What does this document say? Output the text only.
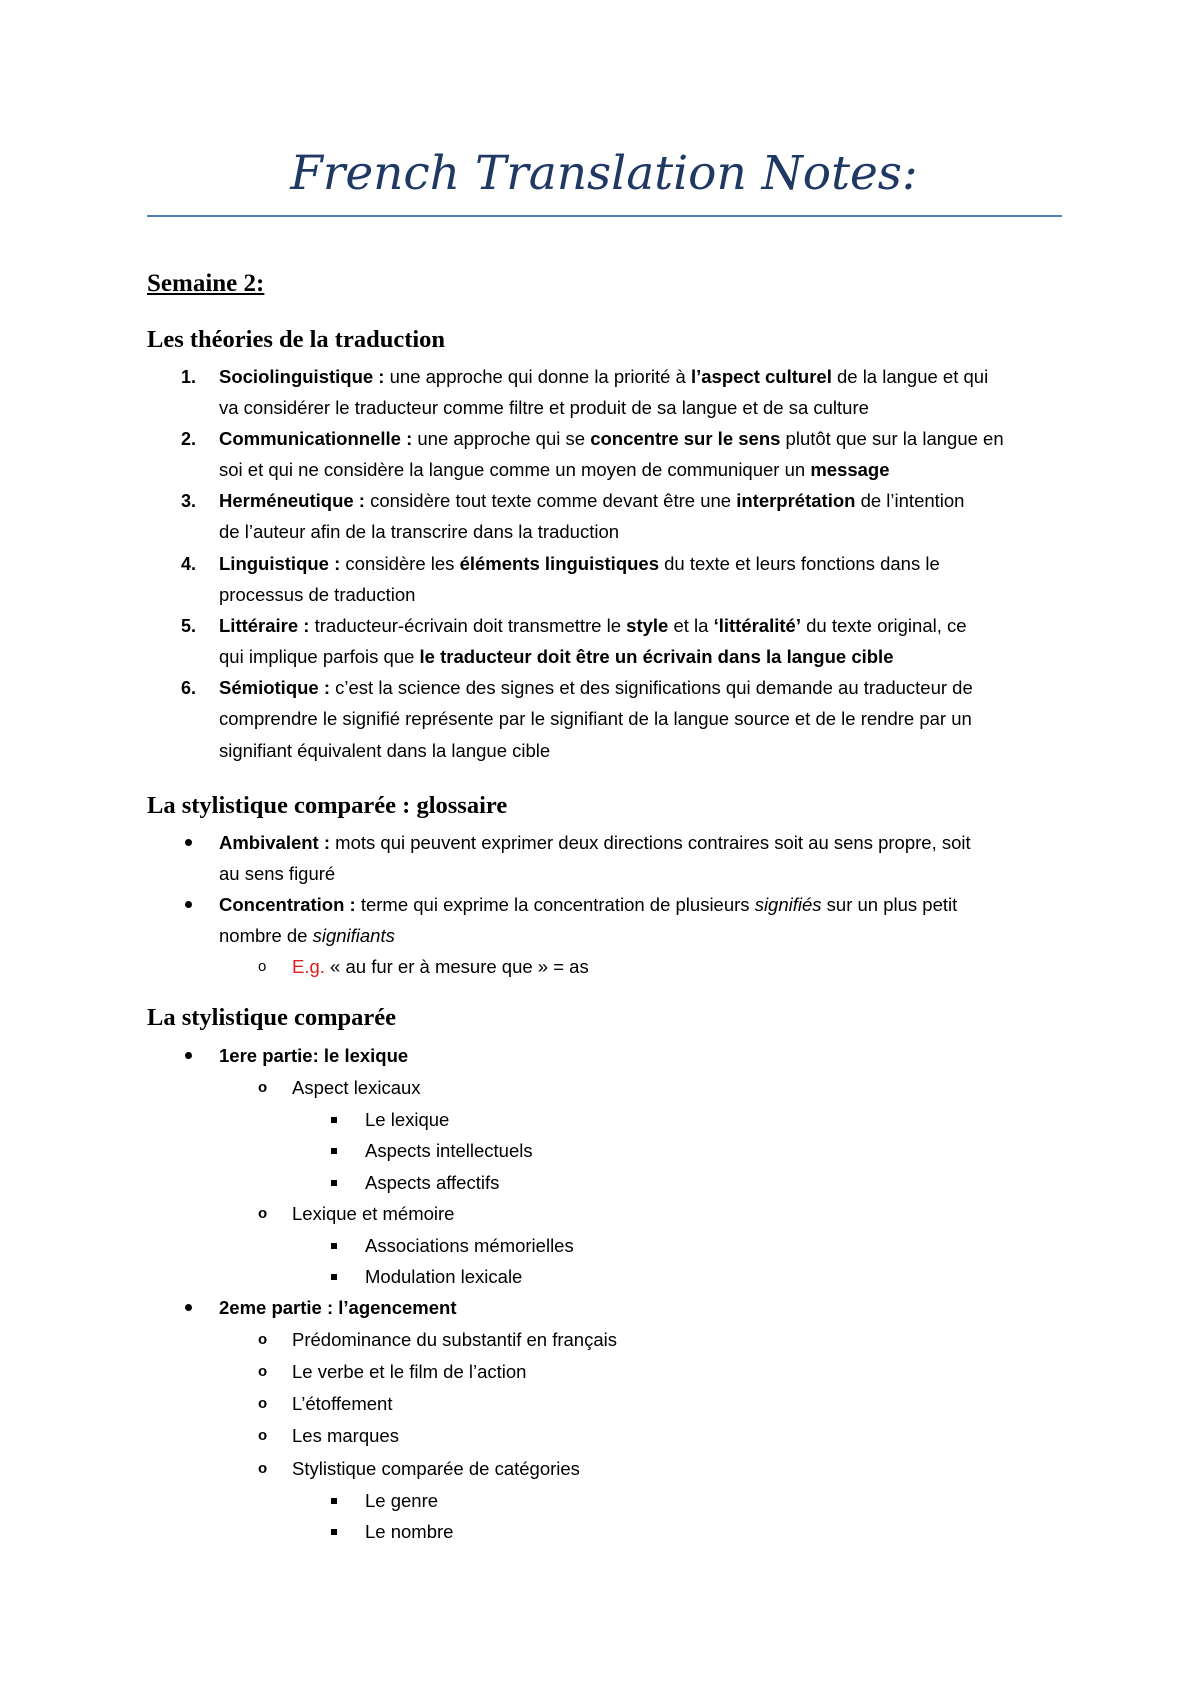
French Translation Notes:
Semaine 2:
Les théories de la traduction
1.	Sociolinguistique : une approche qui donne la priorité à l’aspect culturel de la langue et qui
va considérer le traducteur comme filtre et produit de sa langue et de sa culture
2.	Communicationnelle : une approche qui se concentre sur le sens plutôt que sur la langue en
soi et qui ne considère la langue comme un moyen de communiquer un message
3.	Herméneutique : considère tout texte comme devant être une interprétation de l’intention
de l’auteur afin de la transcrire dans la traduction
4.	Linguistique : considère les éléments linguistiques du texte et leurs fonctions dans le
processus de traduction
5.	Littéraire : traducteur-écrivain doit transmettre le style et la ‘littéralité’ du texte original, ce
qui implique parfois que le traducteur doit être un écrivain dans la langue cible
6.	Sémiotique : c’est la science des signes et des significations qui demande au traducteur de
comprendre le signifié représente par le signifiant de la langue source et de le rendre par un
signifiant équivalent dans la langue cible
La stylistique comparée : glossaire
Ambivalent : mots qui peuvent exprimer deux directions contraires soit au sens propre, soit
au sens figuré
Concentration : terme qui exprime la concentration de plusieurs signifiés sur un plus petit
nombre de signifiants
o E.g. « au fur er à mesure que » = as
La stylistique comparée
1ere partie: le lexique
o Aspect lexicaux
Le lexique
Aspects intellectuels
Aspects affectifs
o Lexique et mémoire
Associations mémorielles
Modulation lexicale
2eme partie : l’agencement
o Prédominance du substantif en français
o Le verbe et le film de l’action
o L’étoffement
o Les marques
o Stylistique comparée de catégories
Le genre
Le nombre
